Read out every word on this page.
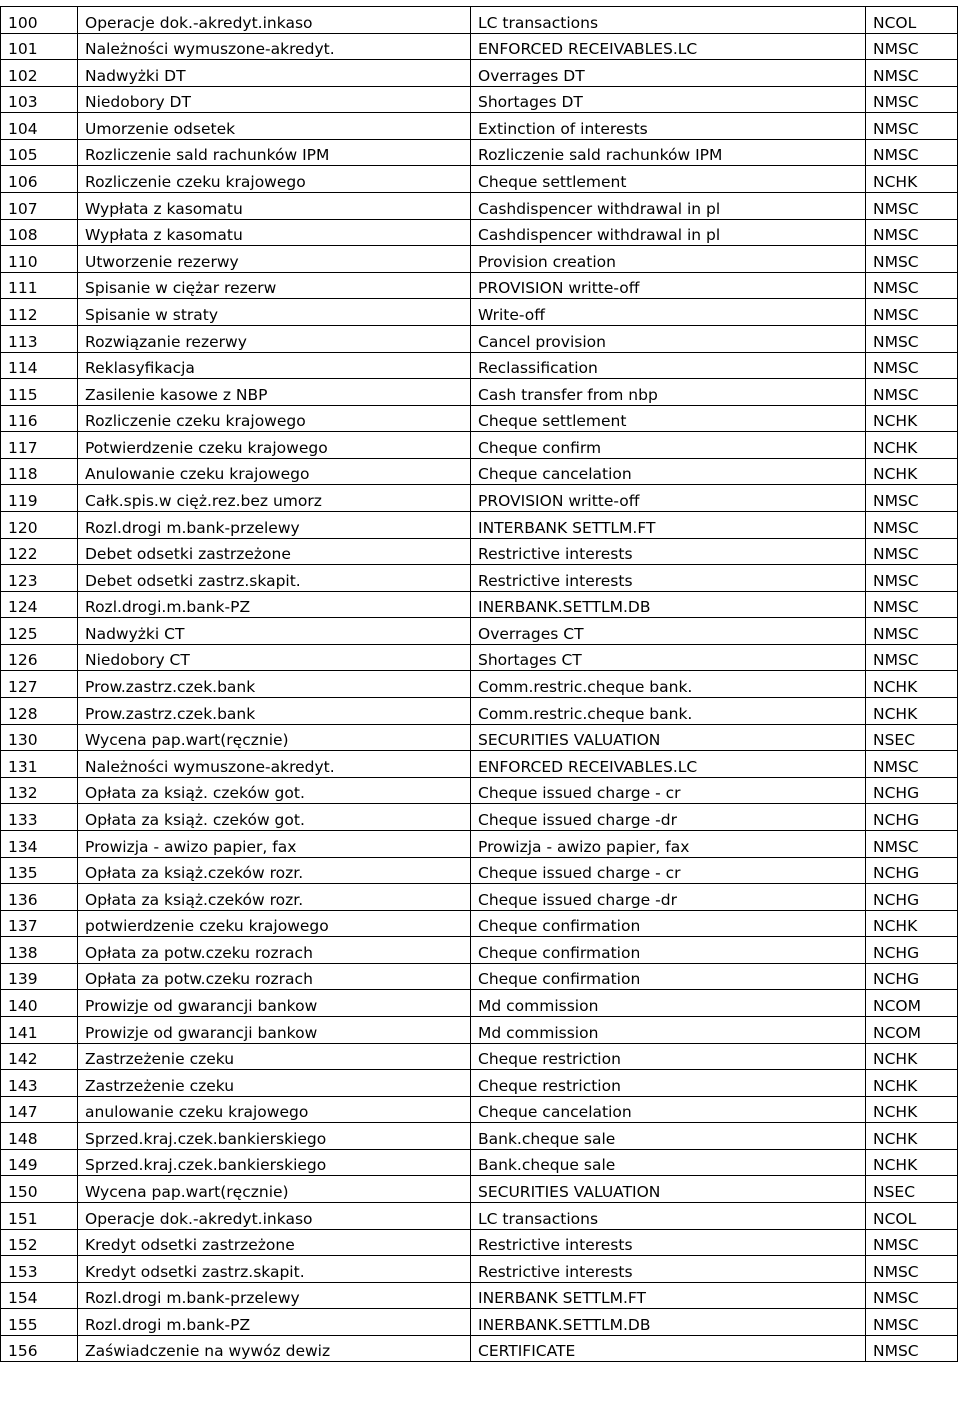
100	Operacje dok.-akredyt.inkaso	LC transactions	NCOL
101	Należności wymuszone-akredyt.	ENFORCED RECEIVABLES.LC	NMSC
102	Nadwyżki DT	Overrages DT	NMSC
103	Niedobory DT	Shortages DT	NMSC
104	Umorzenie odsetek	Extinction of interests	NMSC
105	Rozliczenie sald rachunków IPM	Rozliczenie sald rachunków IPM	NMSC
106	Rozliczenie czeku krajowego	Cheque settlement	NCHK
107	Wypłata z kasomatu	Cashdispencer withdrawal in pl	NMSC
108	Wypłata z kasomatu	Cashdispencer withdrawal in pl	NMSC
110	Utworzenie rezerwy	Provision creation	NMSC
111	Spisanie w ciężar rezerw	PROVISION writte-off	NMSC
112	Spisanie w straty	Write-off	NMSC
113	Rozwiązanie rezerwy	Cancel provision	NMSC
114	Reklasyfikacja	Reclassification	NMSC
115	Zasilenie kasowe z NBP	Cash transfer from nbp	NMSC
116	Rozliczenie czeku krajowego	Cheque settlement	NCHK
117	Potwierdzenie czeku krajowego	Cheque confirm	NCHK
118	Anulowanie czeku krajowego	Cheque cancelation	NCHK
119	Całk.spis.w cięż.rez.bez umorz	PROVISION writte-off	NMSC
120	Rozl.drogi m.bank-przelewy	INTERBANK SETTLM.FT	NMSC
122	Debet odsetki zastrzeżone	Restrictive interests	NMSC
123	Debet odsetki zastrz.skapit.	Restrictive interests	NMSC
124	Rozl.drogi.m.bank-PZ	INERBANK.SETTLM.DB	NMSC
125	Nadwyżki CT	Overrages CT	NMSC
126	Niedobory CT	Shortages CT	NMSC
127	Prow.zastrz.czek.bank	Comm.restric.cheque bank.	NCHK
128	Prow.zastrz.czek.bank	Comm.restric.cheque bank.	NCHK
130	Wycena pap.wart(ręcznie)	SECURITIES VALUATION	NSEC
131	Należności wymuszone-akredyt.	ENFORCED RECEIVABLES.LC	NMSC
132	Opłata za książ. czeków got.	Cheque issued charge - cr	NCHG
133	Opłata za książ. czeków got.	Cheque issued charge -dr	NCHG
134	Prowizja - awizo papier, fax	Prowizja - awizo papier, fax	NMSC
135	Opłata za książ.czeków rozr.	Cheque issued charge - cr	NCHG
136	Opłata za książ.czeków rozr.	Cheque issued charge -dr	NCHG
137	potwierdzenie czeku krajowego	Cheque confirmation	NCHK
138	Opłata za potw.czeku rozrach	Cheque confirmation	NCHG
139	Opłata za potw.czeku rozrach	Cheque confirmation	NCHG
140	Prowizje od gwarancji bankow	Md commission	NCOM
141	Prowizje od gwarancji bankow	Md commission	NCOM
142	Zastrzeżenie czeku	Cheque restriction	NCHK
143	Zastrzeżenie czeku	Cheque restriction	NCHK
147	anulowanie czeku krajowego	Cheque cancelation	NCHK
148	Sprzed.kraj.czek.bankierskiego	Bank.cheque sale	NCHK
149	Sprzed.kraj.czek.bankierskiego	Bank.cheque sale	NCHK
150	Wycena pap.wart(ręcznie)	SECURITIES VALUATION	NSEC
151	Operacje dok.-akredyt.inkaso	LC transactions	NCOL
152	Kredyt odsetki zastrzeżone	Restrictive interests	NMSC
153	Kredyt odsetki zastrz.skapit.	Restrictive interests	NMSC
154	Rozl.drogi m.bank-przelewy	INERBANK SETTLM.FT	NMSC
155	Rozl.drogi m.bank-PZ	INERBANK.SETTLM.DB	NMSC
156	Zaświadczenie na wywóz dewiz	CERTIFICATE	NMSC
